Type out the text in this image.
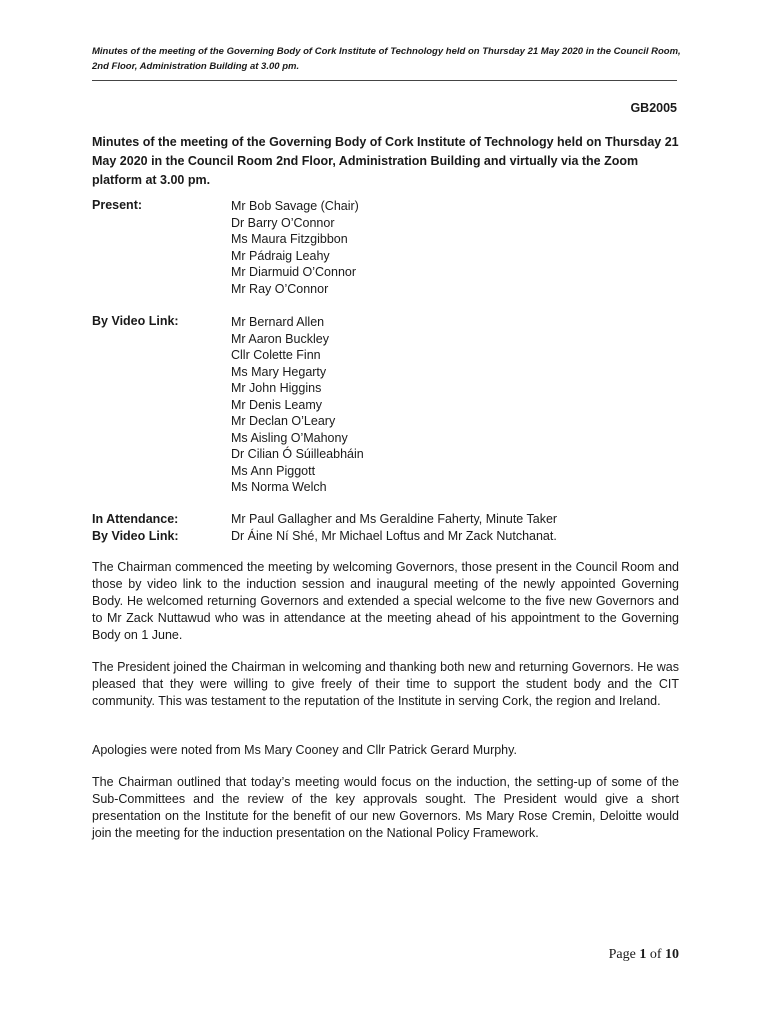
Minutes of the meeting of the Governing Body of Cork Institute of Technology held on Thursday 21 May 2020 in the Council Room, 2nd Floor, Administration Building at 3.00 pm.
GB2005
Minutes of the meeting of the Governing Body of Cork Institute of Technology held on Thursday 21 May 2020 in the Council Room 2nd Floor, Administration Building and virtually via the Zoom platform at 3.00 pm.
Present:	Mr Bob Savage (Chair)
Dr Barry O’Connor
Ms Maura Fitzgibbon
Mr Pádraig Leahy
Mr Diarmuid O’Connor
Mr Ray O’Connor
By Video Link:	Mr Bernard Allen
Mr Aaron Buckley
Cllr Colette Finn
Ms Mary Hegarty
Mr John Higgins
Mr Denis Leamy
Mr Declan O’Leary
Ms Aisling O’Mahony
Dr Cilian Ó Súilleabháin
Ms Ann Piggott
Ms Norma Welch
In Attendance:	Mr Paul Gallagher and Ms Geraldine Faherty, Minute Taker
By Video Link:	Dr Áine Ní Shé, Mr Michael Loftus and Mr Zack Nutchanat.
The Chairman commenced the meeting by welcoming Governors, those present in the Council Room and those by video link to the induction session and inaugural meeting of the newly appointed Governing Body. He welcomed returning Governors and extended a special welcome to the five new Governors and to Mr Zack Nuttawud who was in attendance at the meeting ahead of his appointment to the Governing Body on 1 June.
The President joined the Chairman in welcoming and thanking both new and returning Governors. He was pleased that they were willing to give freely of their time to support the student body and the CIT community. This was testament to the reputation of the Institute in serving Cork, the region and Ireland.
Apologies were noted from Ms Mary Cooney and Cllr Patrick Gerard Murphy.
The Chairman outlined that today’s meeting would focus on the induction, the setting-up of some of the Sub-Committees and the review of the key approvals sought. The President would give a short presentation on the Institute for the benefit of our new Governors. Ms Mary Rose Cremin, Deloitte would join the meeting for the induction presentation on the National Policy Framework.
Page 1 of 10
